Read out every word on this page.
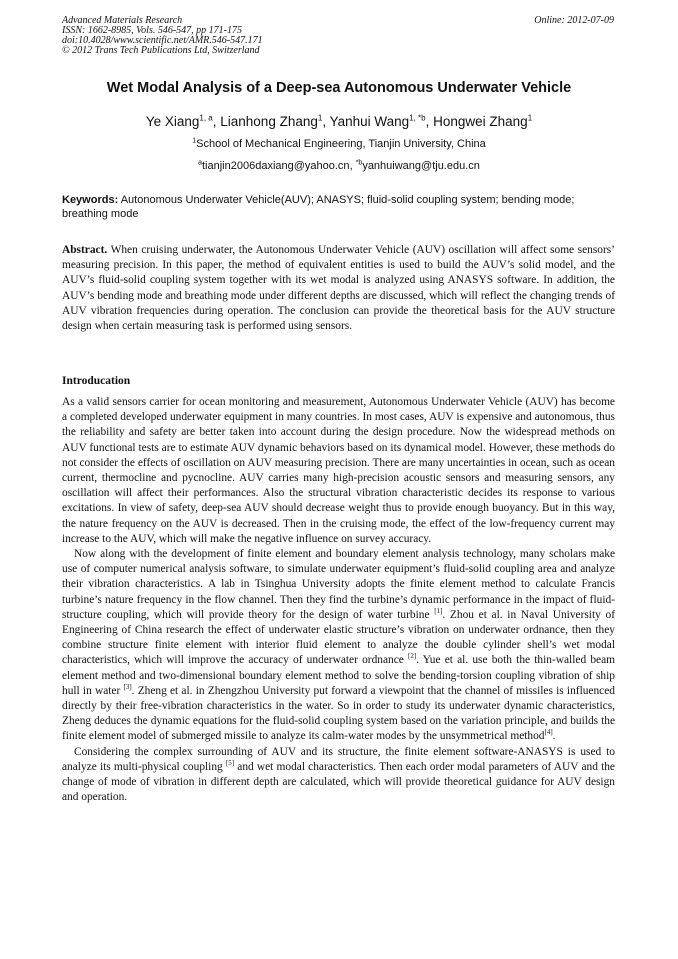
Advanced Materials Research
ISSN: 1662-8985, Vols. 546-547, pp 171-175
doi:10.4028/www.scientific.net/AMR.546-547.171
© 2012 Trans Tech Publications Ltd, Switzerland
Online: 2012-07-09
Wet Modal Analysis of a Deep-sea Autonomous Underwater Vehicle
Ye Xiang$^{1, a}$, Lianhong Zhang$^1$, Yanhui Wang$^{1, *b}$, Hongwei Zhang$^1$
$^1$School of Mechanical Engineering, Tianjin University, China
$^a$tianjin2006daxiang@yahoo.cn, $^{*b}$yanhuiwang@tju.edu.cn
Keywords: Autonomous Underwater Vehicle(AUV); ANASYS; fluid-solid coupling system; bending mode; breathing mode
Abstract. When cruising underwater, the Autonomous Underwater Vehicle (AUV) oscillation will affect some sensors’ measuring precision. In this paper, the method of equivalent entities is used to build the AUV’s solid model, and the AUV’s fluid-solid coupling system together with its wet modal is analyzed using ANASYS software. In addition, the AUV’s bending mode and breathing mode under different depths are discussed, which will reflect the changing trends of AUV vibration frequencies during operation. The conclusion can provide the theoretical basis for the AUV structure design when certain measuring task is performed using sensors.
Introducation

As a valid sensors carrier for ocean monitoring and measurement, Autonomous Underwater Vehicle (AUV) has become a completed developed underwater equipment in many countries. In most cases, AUV is expensive and autonomous, thus the reliability and safety are better taken into account during the design procedure. Now the widespread methods on AUV functional tests are to estimate AUV dynamic behaviors based on its dynamical model. However, these methods do not consider the effects of oscillation on AUV measuring precision. There are many uncertainties in ocean, such as ocean current, thermocline and pycnocline. AUV carries many high-precision acoustic sensors and measuring sensors, any oscillation will affect their performances. Also the structural vibration characteristic decides its response to various excitations. In view of safety, deep-sea AUV should decrease weight thus to provide enough buoyancy. But in this way, the nature frequency on the AUV is decreased. Then in the cruising mode, the effect of the low-frequency current may increase to the AUV, which will make the negative influence on survey accuracy.

Now along with the development of finite element and boundary element analysis technology, many scholars make use of computer numerical analysis software, to simulate underwater equipment’s fluid-solid coupling area and analyze their vibration characteristics. A lab in Tsinghua University adopts the finite element method to calculate Francis turbine’s nature frequency in the flow channel. Then they find the turbine’s dynamic performance in the impact of fluid-structure coupling, which will provide theory for the design of water turbine [1]. Zhou et al. in Naval University of Engineering of China research the effect of underwater elastic structure’s vibration on underwater ordnance, then they combine structure finite element with interior fluid element to analyze the double cylinder shell’s wet modal characteristics, which will improve the accuracy of underwater ordnance [2]. Yue et al. use both the thin-walled beam element method and two-dimensional boundary element method to solve the bending-torsion coupling vibration of ship hull in water [3]. Zheng et al. in Zhengzhou University put forward a viewpoint that the channel of missiles is influenced directly by their free-vibration characteristics in the water. So in order to study its underwater dynamic characteristics, Zheng deduces the dynamic equations for the fluid-solid coupling system based on the variation principle, and builds the finite element model of submerged missile to analyze its calm-water modes by the unsymmetrical method[4].

Considering the complex surrounding of AUV and its structure, the finite element software-ANASYS is used to analyze its multi-physical coupling [5] and wet modal characteristics. Then each order modal parameters of AUV and the change of mode of vibration in different depth are calculated, which will provide theoretical guidance for AUV design and operation.
